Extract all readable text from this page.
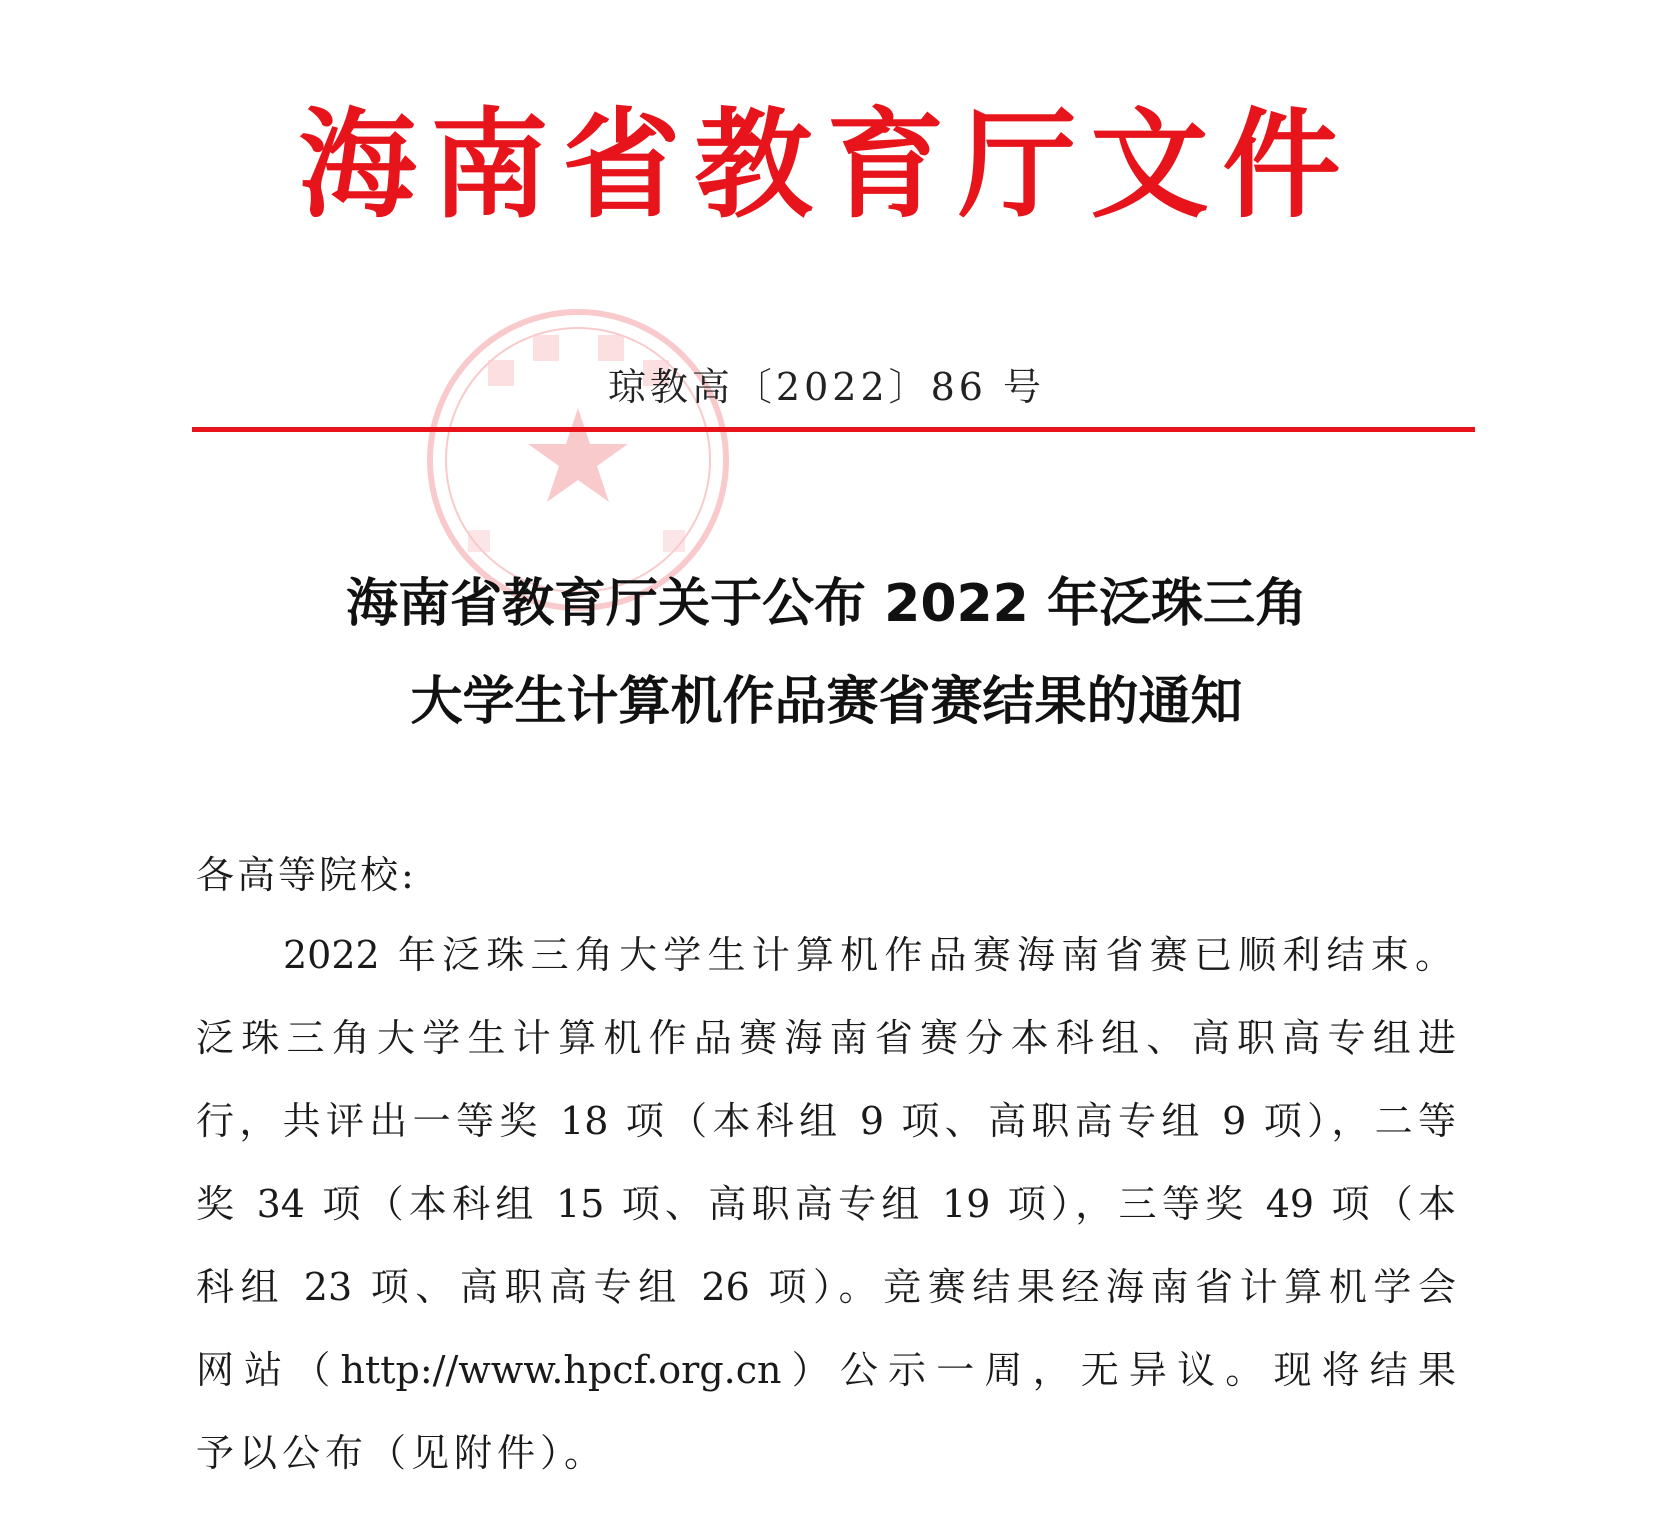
海南省教育厅文件
琼教高〔2022〕86 号
海南省教育厅关于公布 2022 年泛珠三角
大学生计算机作品赛省赛结果的通知
各高等院校:
2022 年泛珠三角大学生计算机作品赛海南省赛已顺利结束。
泛珠三角大学生计算机作品赛海南省赛分本科组、高职高专组进
行，共评出一等奖 18 项（本科组 9 项、高职高专组 9 项），二等
奖 34 项（本科组 15 项、高职高专组 19 项），三等奖 49 项（本
科组 23 项、高职高专组 26 项）。竞赛结果经海南省计算机学会
网站（http://www.hpcf.org.cn）公示一周，无异议。现将结果
予以公布（见附件）。
